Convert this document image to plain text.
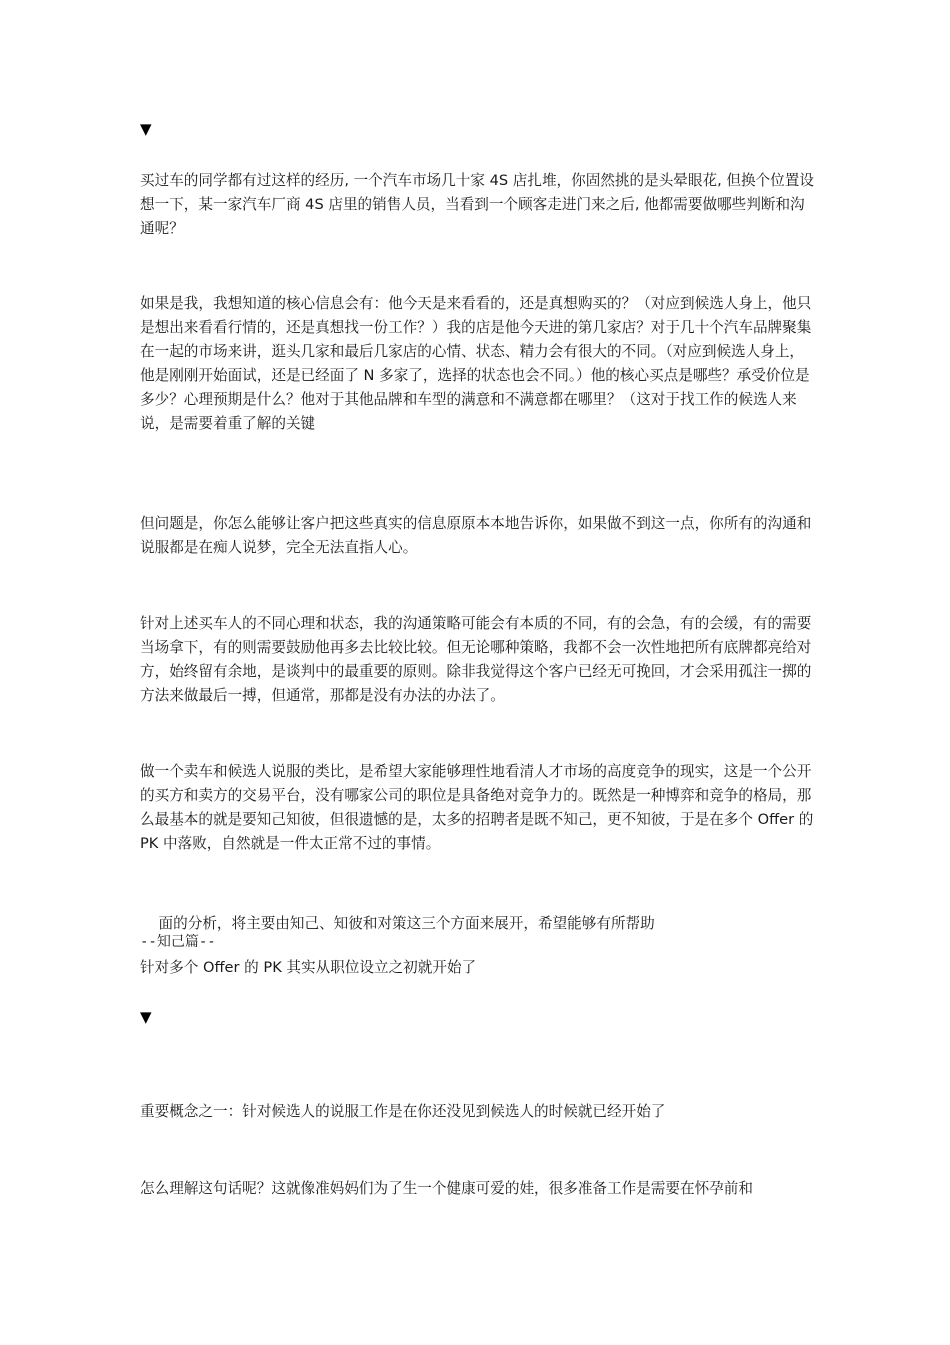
▼

买过车的同学都有过这样的经历, 一个汽车市场几十家 4S 店扎堆，你固然挑的是头晕眼花, 但换个位置设想一下，某一家汽车厂商 4S 店里的销售人员，当看到一个顾客走进门来之后, 他都需要做哪些判断和沟通呢？

如果是我，我想知道的核心信息会有：他今天是来看看的，还是真想购买的？（对应到候选人身上，他只是想出来看看行情的，还是真想找一份工作？）我的店是他今天进的第几家店？对于几十个汽车品牌聚集在一起的市场来讲，逛头几家和最后几家店的心情、状态、精力会有很大的不同。（对应到候选人身上，他是刚刚开始面试，还是已经面了 N 多家了，选择的状态也会不同。）他的核心买点是哪些？承受价位是多少？心理预期是什么？他对于其他品牌和车型的满意和不满意都在哪里？（这对于找工作的候选人来说，是需要着重了解的关键

但问题是，你怎么能够让客户把这些真实的信息原原本本地告诉你，如果做不到这一点，你所有的沟通和说服都是在痴人说梦，完全无法直指人心。

针对上述买车人的不同心理和状态，我的沟通策略可能会有本质的不同，有的会急，有的会缓，有的需要当场拿下，有的则需要鼓励他再多去比较比较。但无论哪种策略，我都不会一次性地把所有底牌都亮给对方，始终留有余地，是谈判中的最重要的原则。除非我觉得这个客户已经无可挽回，才会采用孤注一掷的方法来做最后一搏，但通常，那都是没有办法的办法了。

做一个卖车和候选人说服的类比，是希望大家能够理性地看清人才市场的高度竞争的现实，这是一个公开的买方和卖方的交易平台，没有哪家公司的职位是具备绝对竞争力的。既然是一种博弈和竞争的格局，那么最基本的就是要知己知彼，但很遗憾的是，太多的招聘者是既不知己，更不知彼，于是在多个 Offer 的 PK 中落败，自然就是一件太正常不过的事情。

面的分析，将主要由知己、知彼和对策这三个方面来展开，希望能够有所帮助

--知己篇--

针对多个 Offer 的 PK 其实从职位设立之初就开始了

▼

重要概念之一：针对候选人的说服工作是在你还没见到候选人的时候就已经开始了

怎么理解这句话呢？这就像准妈妈们为了生一个健康可爱的娃，很多准备工作是需要在怀孕前和
